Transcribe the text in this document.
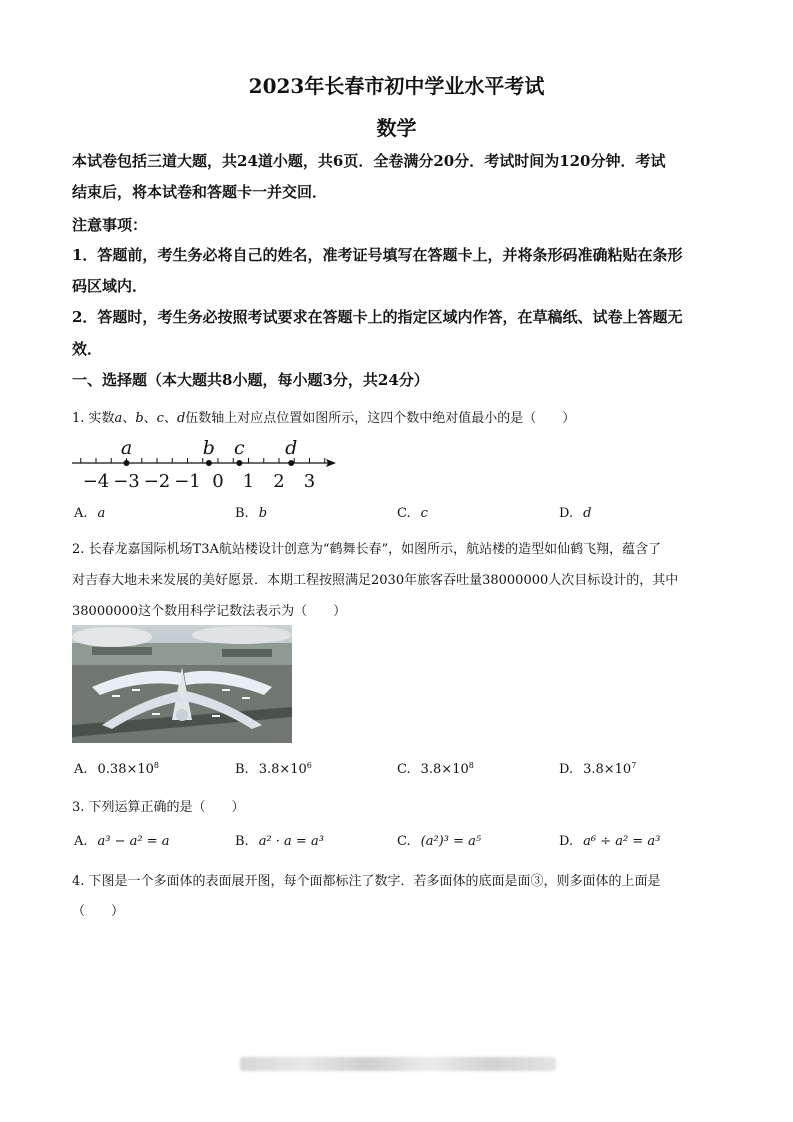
2023年长春市初中学业水平考试
数学
本试卷包括三道大题，共24道小题，共6页．全卷满分20分．考试时间为120分钟．考试
结束后，将本试卷和答题卡一并交回．
注意事项：
1．答题前，考生务必将自己的姓名，准考证号填写在答题卡上，并将条形码准确粘贴在条形
码区域内．
2．答题时，考生务必按照考试要求在答题卡上的指定区域内作答，在草稿纸、试卷上答题无
效．
一、选择题（本大题共8小题，每小题3分，共24分）
1. 实数a、b、c、d伍数轴上对应点位置如图所示，这四个数中绝对值最小的是（　　）
−4 −3 −2 −1 0 1 2 3
a	b c d
A. a	B. b	C. c	D. d
2. 长春龙嘉国际机场T3A航站楼设计创意为“鹤舞长春”，如图所示，航站楼的造型如仙鹤飞翔，蕴含了
对吉春大地未来发展的美好愿景．本期工程按照满足2030年旅客吞吐量38000000人次目标设计的，其中
38000000这个数用科学记数法表示为（　　）
A. $0.38\times 10^8$	B. $3.8\times 10^6$	C. $3.8\times 10^8$	D. $3.8\times 10^7$
3. 下列运算正确的是（　　）
A. a³ − a² = a	B. a² · a = a³	C. (a²)³ = a⁵	D. a⁶ ÷ a² = a³
4. 下图是一个多面体的表面展开图，每个面都标注了数字．若多面体的底面是面③，则多面体的上面是
（　　）
